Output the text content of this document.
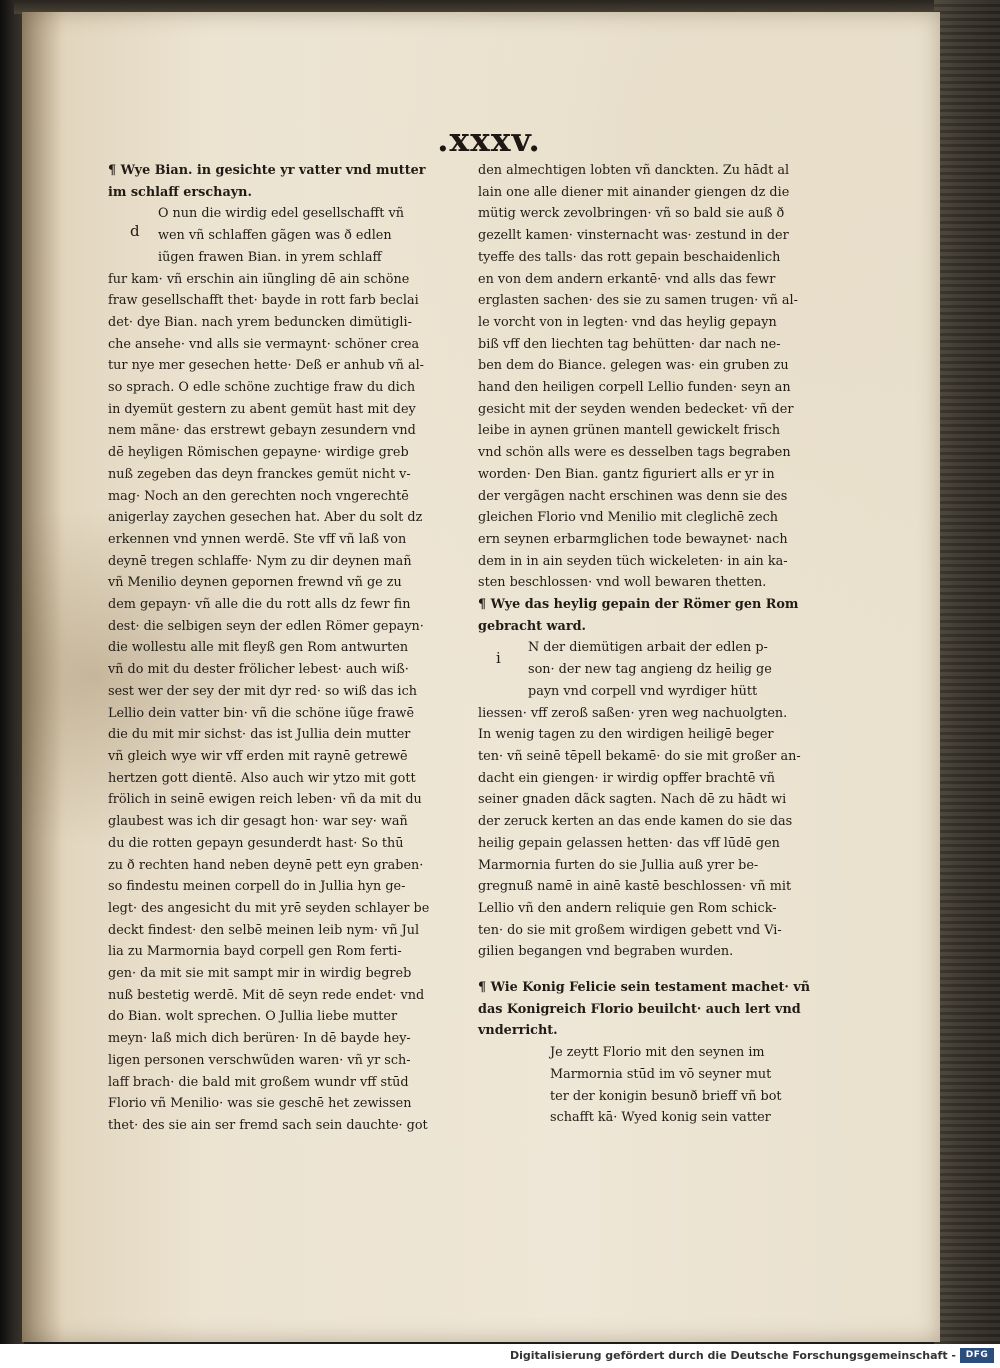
.xxxv.
d
i
¶ Wye Bian. in gesichte yr vatter vnd mutter
im schlaff erschayn.
O nun die wirdig edel gesellschafft vñ
wen vñ schlaffen gãgen was ð edlen
iũgen frawen Bian. in yrem schlaff
fur kam· vñ erschin ain iũngling dē ain schöne
fraw gesellschafft thet· bayde in rott farb beclai
det· dye Bian. nach yrem beduncken dimütigli-
che ansehe· vnd alls sie vermaynt· schöner crea
tur nye mer gesechen hette· Deß er anhub vñ al-
so sprach. O edle schöne zuchtige fraw du dich
in dyemüt gestern zu abent gemüt hast mit dey
nem mãne· das erstrewt gebayn zesundern vnd
dē heyligen Römischen gepayne· wirdige greb
nuß zegeben das deyn franckes gemüt nicht v-
mag· Noch an den gerechten noch vngerechtē
anigerlay zaychen gesechen hat. Aber du solt dz
erkennen vnd ynnen werdē. Ste vff vñ laß von
deynē tregen schlaffe· Nym zu dir deynen mañ
vñ Menilio deynen gepornen frewnd vñ ge zu
dem gepayn· vñ alle die du rott alls dz fewr fin
dest· die selbigen seyn der edlen Römer gepayn·
die wollestu alle mit fleyß gen Rom antwurten
vñ do mit du dester frölicher lebest· auch wiß·
sest wer der sey der mit dyr red· so wiß das ich
Lellio dein vatter bin· vñ die schöne iũge frawē
die du mit mir sichst· das ist Jullia dein mutter
vñ gleich wye wir vff erden mit raynē getrewē
hertzen gott dientē. Also auch wir ytzo mit gott
frölich in seinē ewigen reich leben· vñ da mit du
glaubest was ich dir gesagt hon· war sey· wañ
du die rotten gepayn gesunderdt hast· So thū
zu ð rechten hand neben deynē pett eyn graben·
so findestu meinen corpell do in Jullia hyn ge-
legt· des angesicht du mit yrē seyden schlayer be
deckt findest· den selbē meinen leib nym· vñ Jul
lia zu Marmornia bayd corpell gen Rom ferti-
gen· da mit sie mit sampt mir in wirdig begreb
nuß bestetig werdē. Mit dē seyn rede endet· vnd
do Bian. wolt sprechen. O Jullia liebe mutter
meyn· laß mich dich berüren· In dē bayde hey-
ligen personen verschwũden waren· vñ yr sch-
laff brach· die bald mit großem wundr vff stūd
Florio vñ Menilio· was sie geschē het zewissen
thet· des sie ain ser fremd sach sein dauchte· got
den almechtigen lobten vñ danckten. Zu hādt al
lain one alle diener mit ainander giengen dz die
mütig werck zevolbringen· vñ so bald sie auß ð
gezellt kamen· vinsternacht was· zestund in der
tyeffe des talls· das rott gepain beschaidenlich
en von dem andern erkantē· vnd alls das fewr
erglasten sachen· des sie zu samen trugen· vñ al-
le vorcht von in legten· vnd das heylig gepayn
biß vff den liechten tag behütten· dar nach ne-
ben dem do Biance. gelegen was· ein gruben zu
hand den heiligen corpell Lellio funden· seyn an
gesicht mit der seyden wenden bedecket· vñ der
leibe in aynen grünen mantell gewickelt frisch
vnd schön alls were es desselben tags begraben
worden· Den Bian. gantz figuriert alls er yr in
der vergãgen nacht erschinen was denn sie des
gleichen Florio vnd Menilio mit cleglichē zech
ern seynen erbarmglichen tode bewaynet· nach
dem in in ain seyden tüch wickeleten· in ain ka-
sten beschlossen· vnd woll bewaren thetten.
¶ Wye das heylig gepain der Römer gen Rom
gebracht ward.
N der diemütigen arbait der edlen p-
son· der new tag angieng dz heilig ge
payn vnd corpell vnd wyrdiger hütt
liessen· vff zeroß saßen· yren weg nachuolgten.
In wenig tagen zu den wirdigen heiligē beger
ten· vñ seinē tēpell bekamē· do sie mit großer an-
dacht ein giengen· ir wirdig opffer brachtē vñ
seiner gnaden dãck sagten. Nach dē zu hādt wi
der zeruck kerten an das ende kamen do sie das
heilig gepain gelassen hetten· das vff lūdē gen
Marmornia furten do sie Jullia auß yrer be-
gregnuß namē in ainē kastē beschlossen· vñ mit
Lellio vñ den andern reliquie gen Rom schick-
ten· do sie mit großem wirdigen gebett vnd Vi-
gilien begangen vnd begraben wurden.
¶ Wie Konig Felicie sein testament machet· vñ
das Konigreich Florio beuilcht· auch lert vnd
vnderricht.
Je zeytt Florio mit den seynen im
Marmornia stūd im vō seyner mut
ter der konigin besunð brieff vñ bot
schafft kā· Wyed konig sein vatter
Digitalisierung gefördert durch die Deutsche Forschungsgemeinschaft -	DFG
